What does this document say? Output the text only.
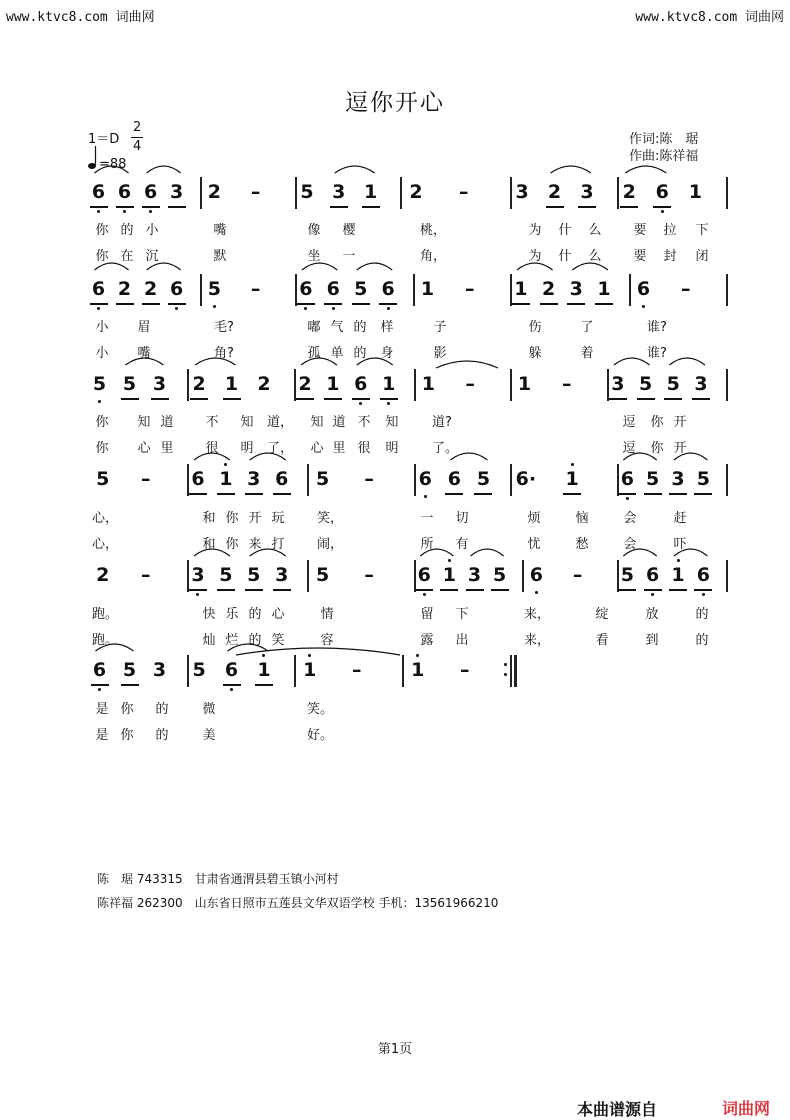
www.ktvc8.com 词曲网	www.ktvc8.com 词曲网
逗你开心
1＝D
2
4
=88
作词:陈　琚
作曲:陈祥福
6 6 6 3 2 – 5 3 1 2 – 3 2 3 2 6 1
6 2 2 6 5 – 6 6 5 6 1 – 1 2 3 1 6 –
5 5 3 2 1 2 2 1 6 1 1 – 1 – 3 5 5 3
5 – 6 1 3 6 5 – 6 6 5 6· 1 6 5 3 5
2 – 3 5 5 3 5 – 6 1 3 5 6 – 5 6 1 6
6 5 3 5 6 1 1 –	1 –
你 的 小	嘴	像 樱	桃，	为 什 么 要 拉 下
你 在 沉	默	坐 一	角，	为 什 么 要 封 闭
小 眉	毛?	嘟 气 的 样	子	伤	了	谁?
小 嘴	角?	孤 单 的 身	影	躲	着	谁?
你 知 道 不 知 道， 知 道 不 知	道?	逗 你 开
你 心 里 很 明 了， 心 里 很 明	了。	逗 你 开
心，	和 你 开 玩	笑，	一 切	烦	恼	会	赶
心，	和 你 来 打	闹，	所 有	忧	愁	会	吓
跑。	快 乐 的 心	情	留 下	来，	绽	放	的
跑。	灿 烂 的 笑	容	露 出	来，	看	到	的
是 你 的	微	笑。
是 你 的	美	好。
陈　琚 743315　甘肃省通渭县碧玉镇小河村
陈祥福 262300　山东省日照市五莲县文华双语学校 手机：13561966210
第1页
本曲谱源自	词曲网
